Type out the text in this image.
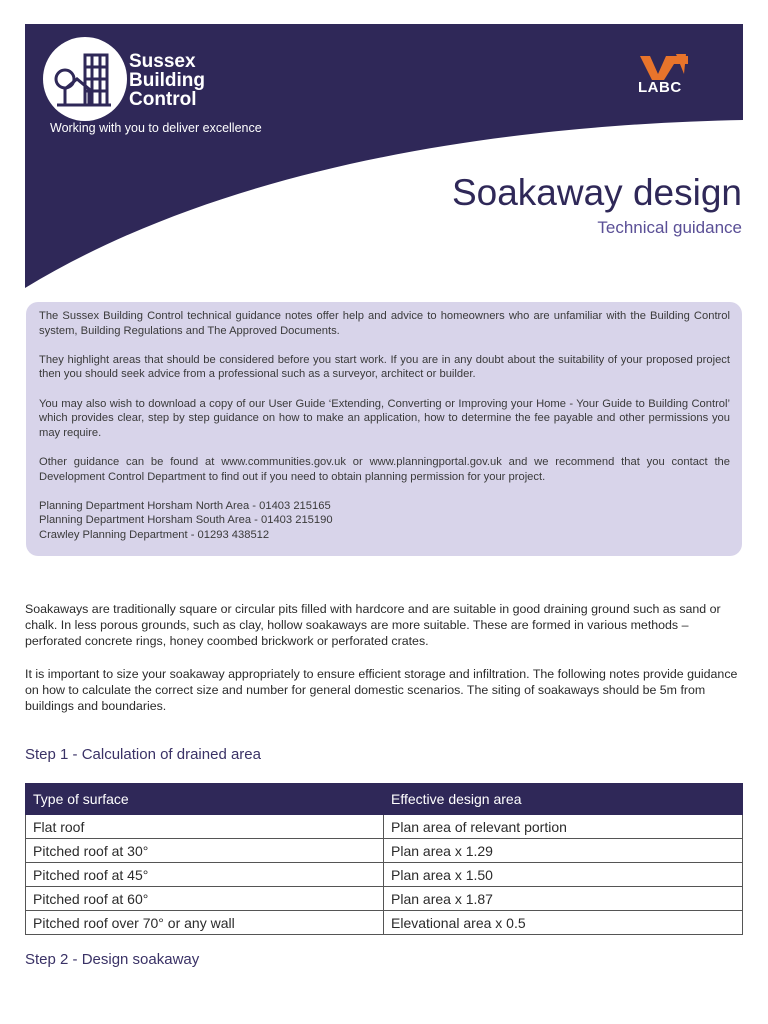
Sussex
Building
Control
Working with you to deliver excellence
LABC
Soakaway design
Technical guidance

The Sussex Building Control technical guidance notes offer help and advice to homeowners who are unfamiliar with the Building Control system, Building Regulations and The Approved Documents.

They highlight areas that should be considered before you start work. If you are in any doubt about the suitability of your proposed project then you should seek advice from a professional such as a surveyor, architect or builder.

You may also wish to download a copy of our User Guide ‘Extending, Converting or Improving your Home - Your Guide to Building Control’ which provides clear, step by step guidance on how to make an application, how to determine the fee payable and other permissions you may require.

Other guidance can be found at www.communities.gov.uk or www.planningportal.gov.uk and we recommend that you contact the Development Control Department to find out if you need to obtain planning permission for your project.

Planning Department Horsham North Area - 01403 215165
Planning Department Horsham South Area - 01403 215190
Crawley Planning Department - 01293 438512

Soakaways are traditionally square or circular pits filled with hardcore and are suitable in good draining ground such as sand or chalk. In less porous grounds, such as clay, hollow soakaways are more suitable. These are formed in various methods – perforated concrete rings, honey coombed brickwork or perforated crates.

It is important to size your soakaway appropriately to ensure efficient storage and infiltration. The following notes provide guidance on how to calculate the correct size and number for general domestic scenarios. The siting of soakaways should be 5m from buildings and boundaries.

Step 1 - Calculation of drained area
Type of surface	Effective design area
Flat roof	Plan area of relevant portion
Pitched roof at 30°	Plan area x 1.29
Pitched roof at 45°	Plan area x 1.50
Pitched roof at 60°	Plan area x 1.87
Pitched roof over 70° or any wall	Elevational area x 0.5
Step 2 - Design soakaway
